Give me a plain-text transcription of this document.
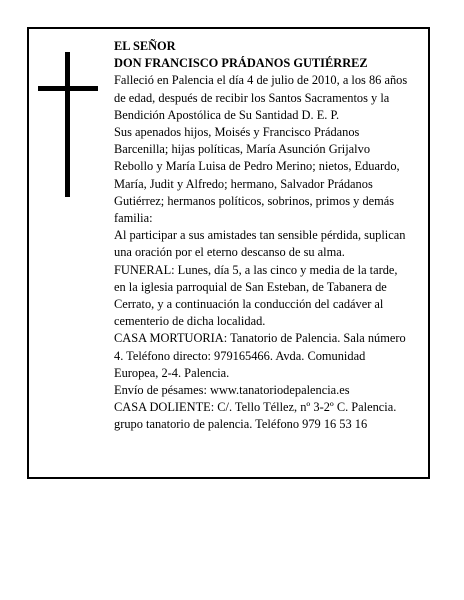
EL SEÑOR

DON FRANCISCO PRÁDANOS GUTIÉRREZ

Falleció en Palencia el día 4 de julio de 2010, a los 86 años de edad, después de recibir los Santos Sacramentos y la Bendición Apostólica de Su Santidad D. E. P.

Sus apenados hijos, Moisés y Francisco Prádanos Barcenilla; hijas políticas, María Asunción Grijalvo Rebollo y María Luisa de Pedro Merino; nietos, Eduardo, María, Judit y Alfredo; hermano, Salvador Prádanos Gutiérrez; hermanos políticos, sobrinos, primos y demás familia:

Al participar a sus amistades tan sensible pérdida, suplican una oración por el eterno descanso de su alma.

FUNERAL: Lunes, día 5, a las cinco y media de la tarde, en la iglesia parroquial de San Esteban, de Tabanera de Cerrato, y a continuación la conducción del cadáver al cementerio de dicha localidad.

CASA MORTUORIA: Tanatorio de Palencia. Sala número 4. Teléfono directo: 979165466. Avda. Comunidad Europea, 2-4. Palencia.

Envío de pésames: www.tanatoriodepalencia.es

CASA DOLIENTE: C/. Tello Téllez, nº 3-2º C. Palencia.

grupo tanatorio de palencia. Teléfono 979 16 53 16
